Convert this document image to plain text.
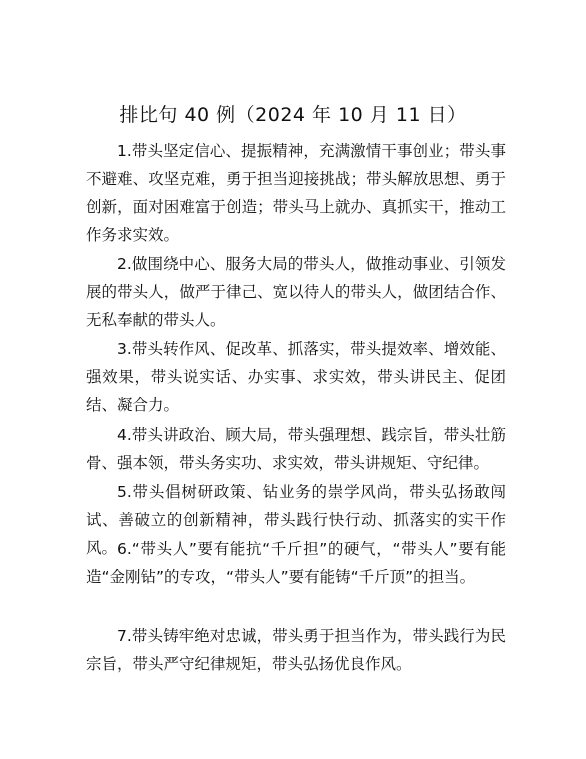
排比句 40 例（2024 年 10 月 11 日）
1.带头坚定信心、提振精神，充满激情干事创业；带头事不避难、攻坚克难，勇于担当迎接挑战；带头解放思想、勇于创新，面对困难富于创造；带头马上就办、真抓实干，推动工作务求实效。
2.做围绕中心、服务大局的带头人，做推动事业、引领发展的带头人，做严于律己、宽以待人的带头人，做团结合作、无私奉献的带头人。
3.带头转作风、促改革、抓落实，带头提效率、增效能、强效果，带头说实话、办实事、求实效，带头讲民主、促团结、凝合力。
4.带头讲政治、顾大局，带头强理想、践宗旨，带头壮筋骨、强本领，带头务实功、求实效，带头讲规矩、守纪律。
5.带头倡树研政策、钻业务的崇学风尚，带头弘扬敢闯试、善破立的创新精神，带头践行快行动、抓落实的实干作风。 6.“带头人”要有能抗“千斤担”的硬气，“带头人”要有能造“金刚钻”的专攻，“带头人”要有能铸“千斤顶”的担当。
7.带头铸牢绝对忠诚，带头勇于担当作为，带头践行为民宗旨，带头严守纪律规矩，带头弘扬优良作风。
